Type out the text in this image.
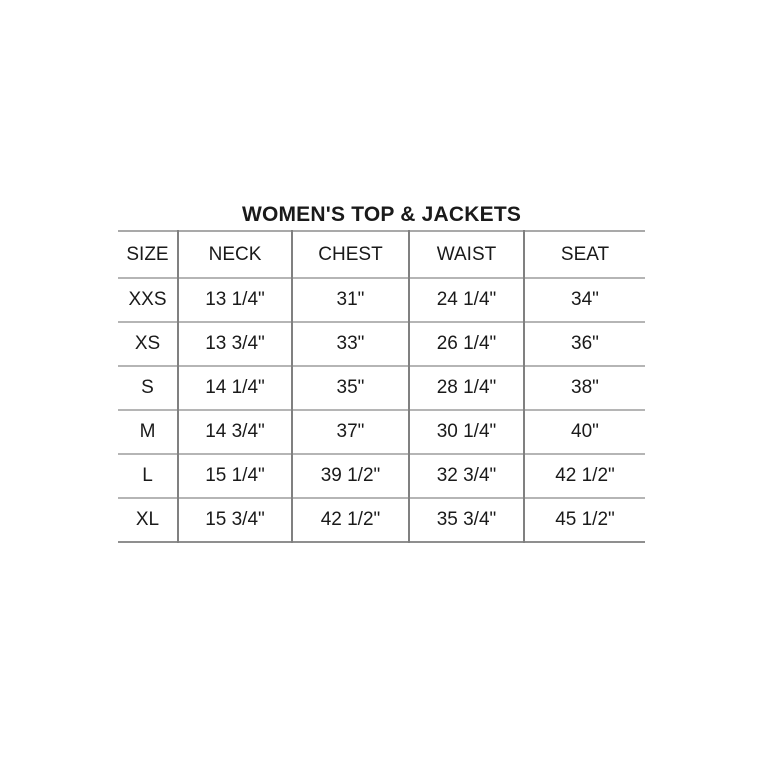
WOMEN'S TOP & JACKETS
SIZE	NECK	CHEST	WAIST	SEAT
XXS	13 1/4"	31"	24 1/4"	34"
XS	13 3/4"	33"	26 1/4"	36"
S	14 1/4"	35"	28 1/4"	38"
M	14 3/4"	37"	30 1/4"	40"
L	15 1/4"	39 1/2"	32 3/4"	42 1/2"
XL	15 3/4"	42 1/2"	35 3/4"	45 1/2"
